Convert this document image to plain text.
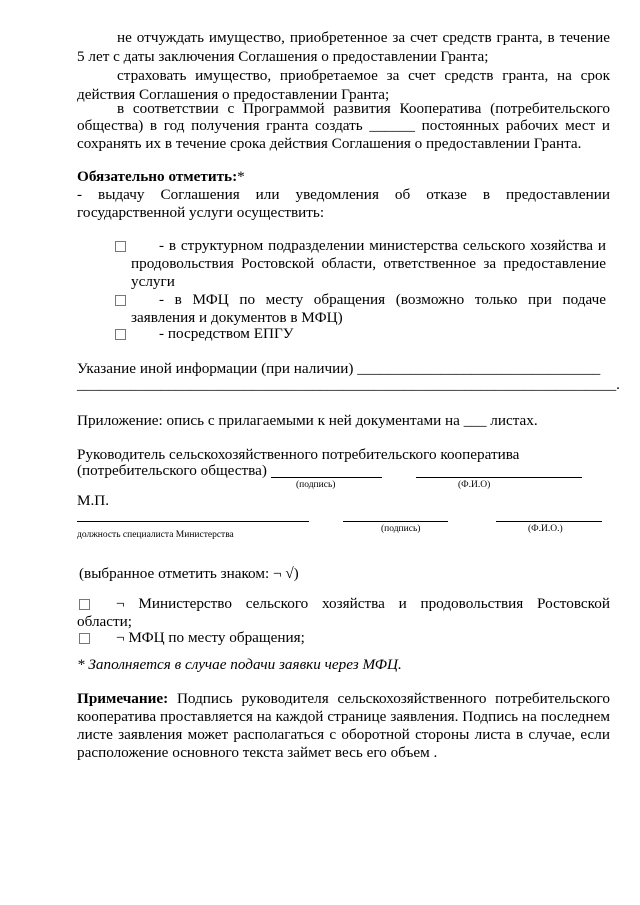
не отчуждать имущество, приобретенное за счет средств гранта, в течение
5 лет с даты заключения Соглашения о предоставлении Гранта;
страховать имущество, приобретаемое за счет средств гранта, на срок
действия Соглашения о предоставлении Гранта;
в соответствии с Программой развития Кооператива (потребительского
общества) в год получения гранта создать ______ постоянных рабочих мест и
сохранять их в течение срока действия Соглашения о предоставлении Гранта.
Обязательно отметить:*
- выдачу Соглашения или уведомления об отказе в предоставлении
государственной услуги осуществить:
- в структурном подразделении министерства сельского хозяйства и
продовольствия Ростовской области, ответственное за предоставление
услуги
- в МФЦ по месту обращения (возможно только при подаче
заявления и документов в МФЦ)
- посредством ЕПГУ
Указание иной информации (при наличии) ________________________________
_______________________________________________________________________.
Приложение: опись с прилагаемыми к ней документами на ___ листах.
Руководитель сельскохозяйственного потребительского кооператива
(потребительского общества)
(подпись)	(Ф.И.О)
М.П.
(подпись)	(Ф.И.О.)
должность специалиста Министерства
(выбранное отметить знаком: ¬ √)
¬ Министерство сельского хозяйства и продовольствия Ростовской
области;
¬ МФЦ по месту обращения;
* Заполняется в случае подачи заявки через МФЦ.
Примечание: Подпись руководителя сельскохозяйственного потребительского
кооператива проставляется на каждой странице заявления. Подпись на последнем
листе заявления может располагаться с оборотной стороны листа в случае, если
расположение основного текста займет весь его объем .
